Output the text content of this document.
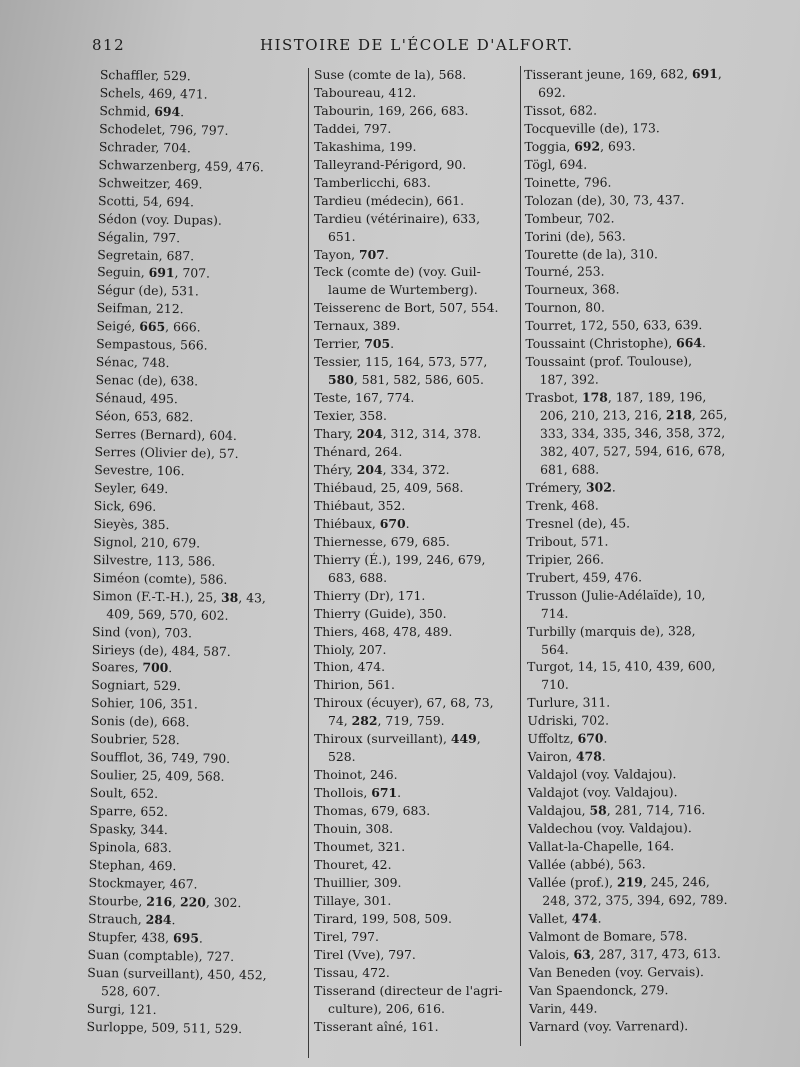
812	HISTOIRE DE L'ÉCOLE D'ALFORT.
Schaffler, 529.
Schels, 469, 471.
Schmid, 694.
Schodelet, 796, 797.
Schrader, 704.
Schwarzenberg, 459, 476.
Schweitzer, 469.
Scotti, 54, 694.
Sédon (voy. Dupas).
Ségalin, 797.
Segretain, 687.
Seguin, 691, 707.
Ségur (de), 531.
Seifman, 212.
Seigé, 665, 666.
Sempastous, 566.
Sénac, 748.
Senac (de), 638.
Sénaud, 495.
Séon, 653, 682.
Serres (Bernard), 604.
Serres (Olivier de), 57.
Sevestre, 106.
Seyler, 649.
Sick, 696.
Sieyès, 385.
Signol, 210, 679.
Silvestre, 113, 586.
Siméon (comte), 586.
Simon (F.-T.-H.), 25, 38, 43,
409, 569, 570, 602.
Sind (von), 703.
Sirieys (de), 484, 587.
Soares, 700.
Sogniart, 529.
Sohier, 106, 351.
Sonis (de), 668.
Soubrier, 528.
Soufflot, 36, 749, 790.
Soulier, 25, 409, 568.
Soult, 652.
Sparre, 652.
Spasky, 344.
Spinola, 683.
Stephan, 469.
Stockmayer, 467.
Stourbe, 216, 220, 302.
Strauch, 284.
Stupfer, 438, 695.
Suan (comptable), 727.
Suan (surveillant), 450, 452,
528, 607.
Surgi, 121.
Surloppe, 509, 511, 529.
Suse (comte de la), 568.
Taboureau, 412.
Tabourin, 169, 266, 683.
Taddei, 797.
Takashima, 199.
Talleyrand-Périgord, 90.
Tamberlicchi, 683.
Tardieu (médecin), 661.
Tardieu (vétérinaire), 633,
651.
Tayon, 707.
Teck (comte de) (voy. Guil-
laume de Wurtemberg).
Teisserenc de Bort, 507, 554.
Ternaux, 389.
Terrier, 705.
Tessier, 115, 164, 573, 577,
580, 581, 582, 586, 605.
Teste, 167, 774.
Texier, 358.
Thary, 204, 312, 314, 378.
Thénard, 264.
Théry, 204, 334, 372.
Thiébaud, 25, 409, 568.
Thiébaut, 352.
Thiébaux, 670.
Thiernesse, 679, 685.
Thierry (É.), 199, 246, 679,
683, 688.
Thierry (Dr), 171.
Thierry (Guide), 350.
Thiers, 468, 478, 489.
Thioly, 207.
Thion, 474.
Thirion, 561.
Thiroux (écuyer), 67, 68, 73,
74, 282, 719, 759.
Thiroux (surveillant), 449,
528.
Thoinot, 246.
Thollois, 671.
Thomas, 679, 683.
Thouin, 308.
Thoumet, 321.
Thouret, 42.
Thuillier, 309.
Tillaye, 301.
Tirard, 199, 508, 509.
Tirel, 797.
Tirel (Vve), 797.
Tissau, 472.
Tisserand (directeur de l'agri-
culture), 206, 616.
Tisserant aîné, 161.
Tisserant jeune, 169, 682, 691,
692.
Tissot, 682.
Tocqueville (de), 173.
Toggia, 692, 693.
Tögl, 694.
Toinette, 796.
Tolozan (de), 30, 73, 437.
Tombeur, 702.
Torini (de), 563.
Tourette (de la), 310.
Tourné, 253.
Tourneux, 368.
Tournon, 80.
Tourret, 172, 550, 633, 639.
Toussaint (Christophe), 664.
Toussaint (prof. Toulouse),
187, 392.
Trasbot, 178, 187, 189, 196,
206, 210, 213, 216, 218, 265,
333, 334, 335, 346, 358, 372,
382, 407, 527, 594, 616, 678,
681, 688.
Trémery, 302.
Trenk, 468.
Tresnel (de), 45.
Tribout, 571.
Tripier, 266.
Trubert, 459, 476.
Trusson (Julie-Adélaïde), 10,
714.
Turbilly (marquis de), 328,
564.
Turgot, 14, 15, 410, 439, 600,
710.
Turlure, 311.
Udriski, 702.
Uffoltz, 670.
Vairon, 478.
Valdajol (voy. Valdajou).
Valdajot (voy. Valdajou).
Valdajou, 58, 281, 714, 716.
Valdechou (voy. Valdajou).
Vallat-la-Chapelle, 164.
Vallée (abbé), 563.
Vallée (prof.), 219, 245, 246,
248, 372, 375, 394, 692, 789.
Vallet, 474.
Valmont de Bomare, 578.
Valois, 63, 287, 317, 473, 613.
Van Beneden (voy. Gervais).
Van Spaendonck, 279.
Varin, 449.
Varnard (voy. Varrenard).
